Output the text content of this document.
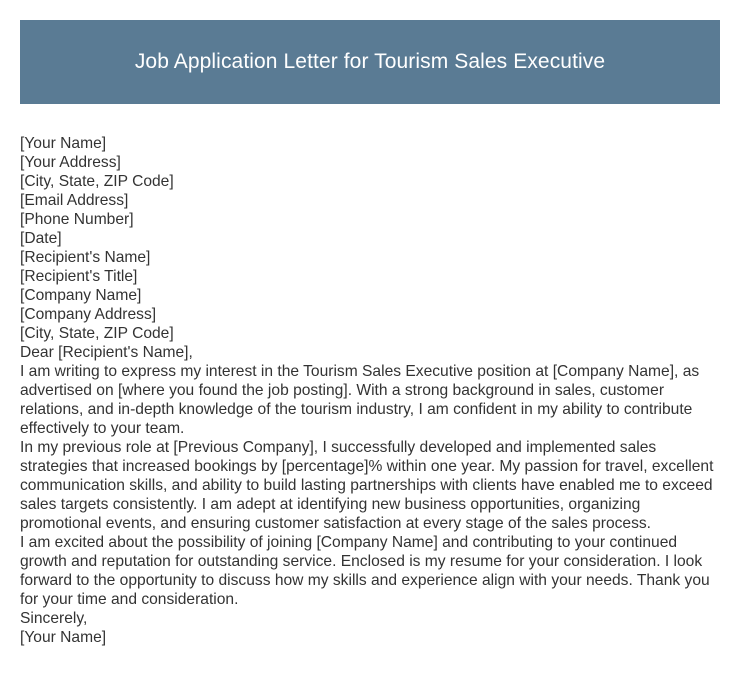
Job Application Letter for Tourism Sales Executive
[Your Name]
[Your Address]
[City, State, ZIP Code]
[Email Address]
[Phone Number]
[Date]
[Recipient's Name]
[Recipient's Title]
[Company Name]
[Company Address]
[City, State, ZIP Code]
Dear [Recipient's Name],

I am writing to express my interest in the Tourism Sales Executive position at [Company Name], as advertised on [where you found the job posting]. With a strong background in sales, customer relations, and in-depth knowledge of the tourism industry, I am confident in my ability to contribute effectively to your team.

In my previous role at [Previous Company], I successfully developed and implemented sales strategies that increased bookings by [percentage]% within one year. My passion for travel, excellent communication skills, and ability to build lasting partnerships with clients have enabled me to exceed sales targets consistently. I am adept at identifying new business opportunities, organizing promotional events, and ensuring customer satisfaction at every stage of the sales process.

I am excited about the possibility of joining [Company Name] and contributing to your continued growth and reputation for outstanding service. Enclosed is my resume for your consideration. I look forward to the opportunity to discuss how my skills and experience align with your needs. Thank you for your time and consideration.

Sincerely,
[Your Name]
